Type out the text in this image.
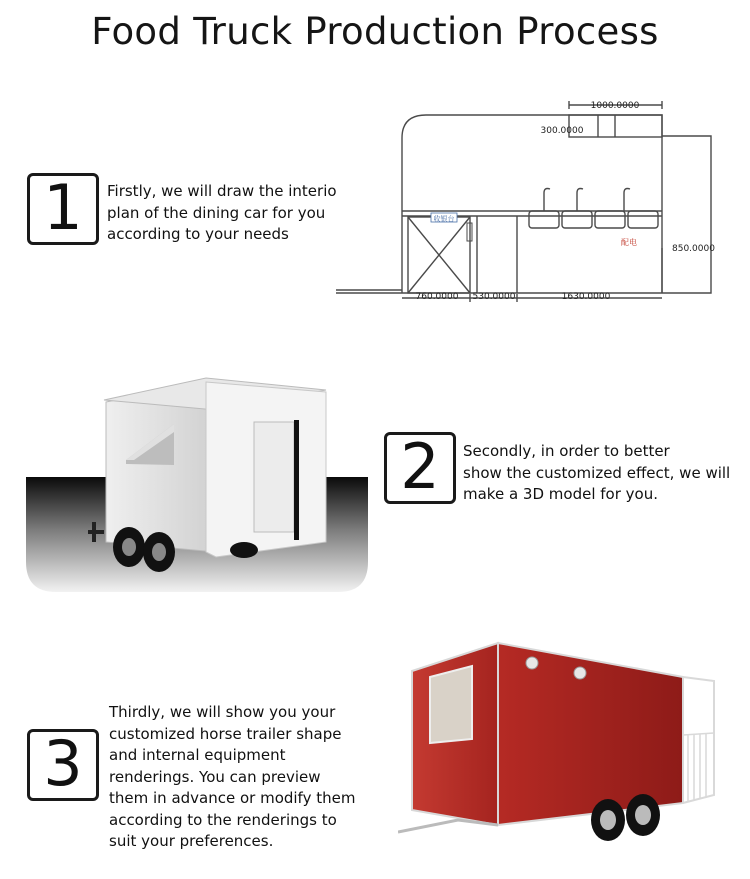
Food Truck Production Process
1 Firstly, we will draw the interio
plan of the dining car for you
according to your needs
收银台
配电
1000.0000
300.0000
850.0000
760.0000 530.0000	1630.0000
2 Secondly, in order to better
show the customized effect, we will
make a 3D model for you.
3
Thirdly, we will show you your
customized horse trailer shape
and internal equipment
renderings. You can preview
them in advance or modify them
according to the renderings to
suit your preferences.
